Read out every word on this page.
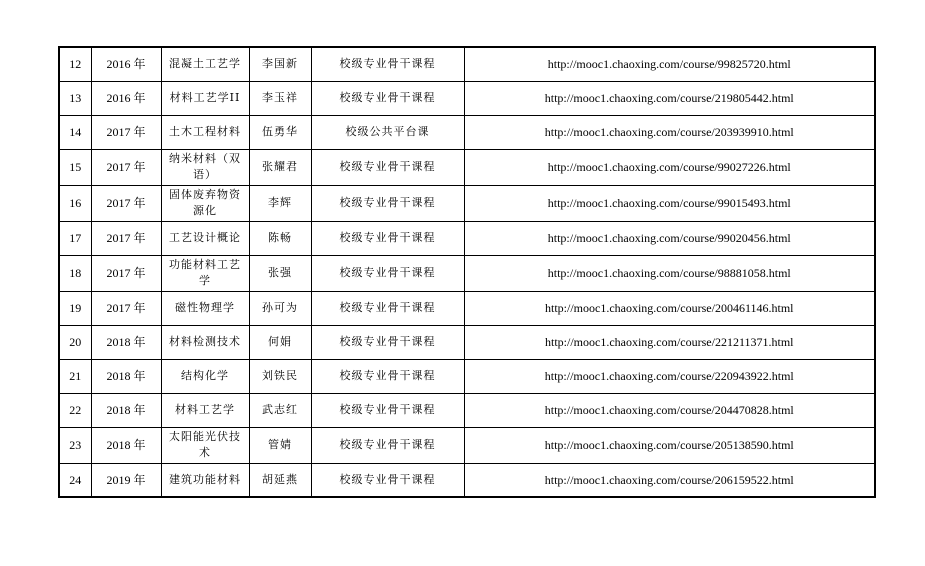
12	2016 年	混凝土工艺学	李国新	校级专业骨干课程	http://mooc1.chaoxing.com/course/99825720.html
13	2016 年	材料工艺学II	李玉祥	校级专业骨干课程	http://mooc1.chaoxing.com/course/219805442.html
14	2017 年	土木工程材料	伍勇华	校级公共平台课	http://mooc1.chaoxing.com/course/203939910.html
15	2017 年	纳米材料（双语）	张耀君	校级专业骨干课程	http://mooc1.chaoxing.com/course/99027226.html
16	2017 年	固体废弃物资源化	李辉	校级专业骨干课程	http://mooc1.chaoxing.com/course/99015493.html
17	2017 年	工艺设计概论	陈畅	校级专业骨干课程	http://mooc1.chaoxing.com/course/99020456.html
18	2017 年	功能材料工艺学	张强	校级专业骨干课程	http://mooc1.chaoxing.com/course/98881058.html
19	2017 年	磁性物理学	孙可为	校级专业骨干课程	http://mooc1.chaoxing.com/course/200461146.html
20	2018 年	材料检测技术	何娟	校级专业骨干课程	http://mooc1.chaoxing.com/course/221211371.html
21	2018 年	结构化学	刘铁民	校级专业骨干课程	http://mooc1.chaoxing.com/course/220943922.html
22	2018 年	材料工艺学	武志红	校级专业骨干课程	http://mooc1.chaoxing.com/course/204470828.html
23	2018 年	太阳能光伏技术	管婧	校级专业骨干课程	http://mooc1.chaoxing.com/course/205138590.html
24	2019 年	建筑功能材料	胡延燕	校级专业骨干课程	http://mooc1.chaoxing.com/course/206159522.html
